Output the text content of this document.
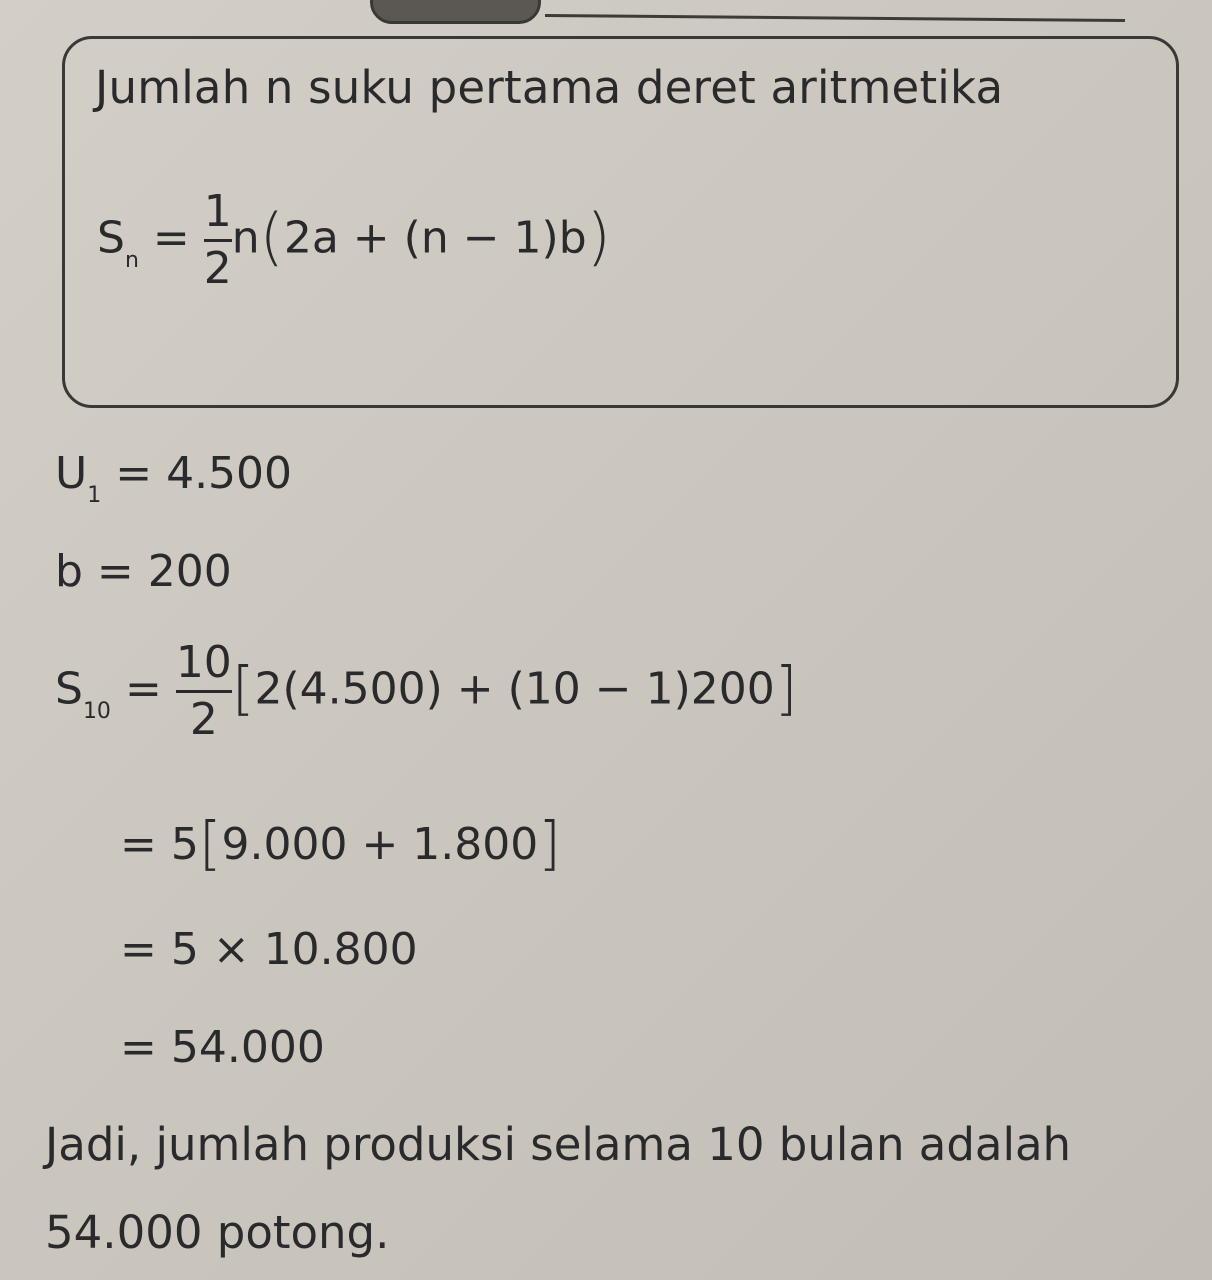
Jumlah n suku pertama deret aritmetika
$S_n = \frac{1}{2} n(2a + (n - 1)b)$
$U_1 = 4.500$
b = 200
$S_{10} = \frac{10}{2} [2(4.500) + (10 - 1)200]$
= 5[9.000 + 1.800]
= 5 × 10.800
= 54.000
Jadi, jumlah produksi selama 10 bulan adalah
54.000 potong.
